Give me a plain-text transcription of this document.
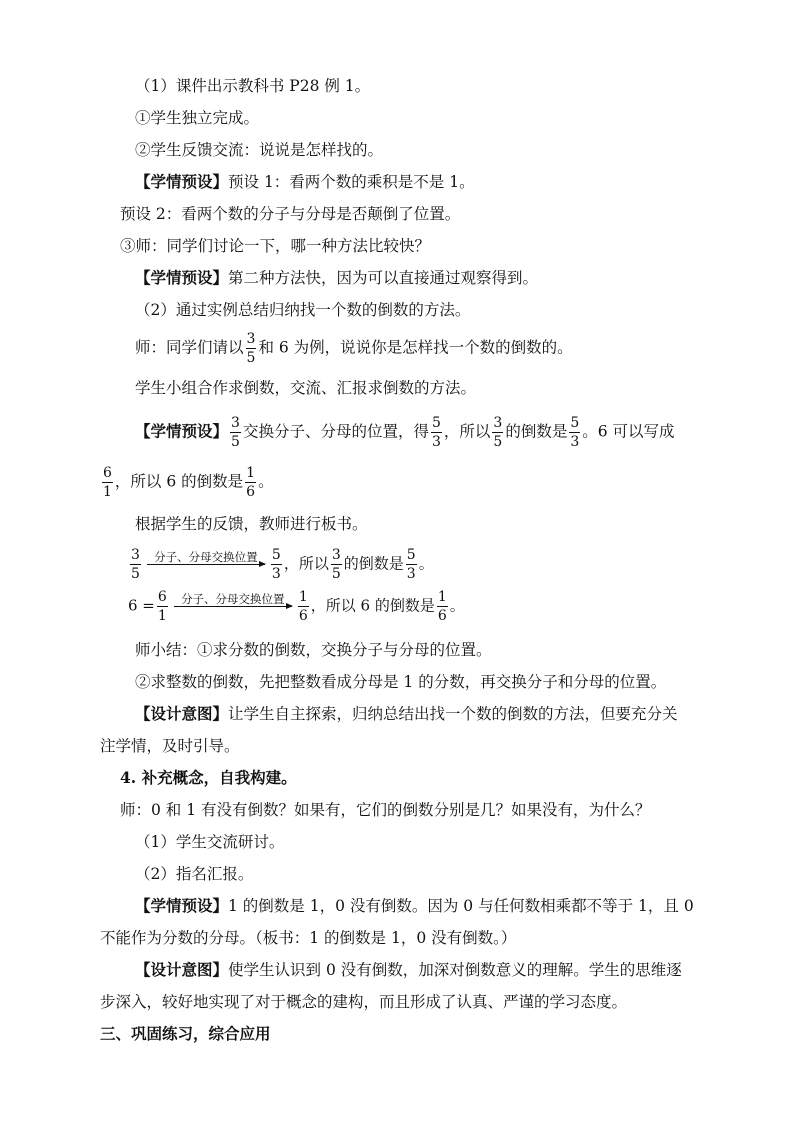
（1）课件出示教科书 P28 例 1。
①学生独立完成。
②学生反馈交流：说说是怎样找的。
【学情预设】预设 1：看两个数的乘积是不是 1。
预设 2：看两个数的分子与分母是否颠倒了位置。
③师：同学们讨论一下，哪一种方法比较快？
【学情预设】第二种方法快，因为可以直接通过观察得到。
（2）通过实例总结归纳找一个数的倒数的方法。
师：同学们请以 $\frac{3}{5}$ 和 6 为例，说说你是怎样找一个数的倒数的。
学生小组合作求倒数，交流、汇报求倒数的方法。
【学情预设】 $\frac{3}{5}$ 交换分子、分母的位置，得 $\frac{5}{3}$ ，所以 $\frac{3}{5}$ 的倒数是 $\frac{5}{3}$ 。6 可以写成
$\frac{6}{1}$ ，所以 6 的倒数是 $\frac{1}{6}$ 。
根据学生的反馈，教师进行板书。
$\frac{3}{5}$	分子、分母交换位置 $\frac{5}{3}$ ，所以 $\frac{3}{5}$ 的倒数是 $\frac{5}{3}$ 。
$6 = \frac{6}{1}$	分子、分母交换位置 $\frac{1}{6}$ ，所以 6 的倒数是 $\frac{1}{6}$ 。
师小结：①求分数的倒数，交换分子与分母的位置。
②求整数的倒数，先把整数看成分母是 1 的分数，再交换分子和分母的位置。
【设计意图】让学生自主探索，归纳总结出找一个数的倒数的方法，但要充分关
注学情，及时引导。
4. 补充概念，自我构建。
师：0 和 1 有没有倒数？如果有，它们的倒数分别是几？如果没有，为什么？
（1）学生交流研讨。
（2）指名汇报。
【学情预设】1 的倒数是 1，0 没有倒数。因为 0 与任何数相乘都不等于 1，且 0
不能作为分数的分母。（板书：1 的倒数是 1，0 没有倒数。）
【设计意图】使学生认识到 0 没有倒数，加深对倒数意义的理解。学生的思维逐
步深入，较好地实现了对于概念的建构，而且形成了认真、严谨的学习态度。
三、巩固练习，综合应用
